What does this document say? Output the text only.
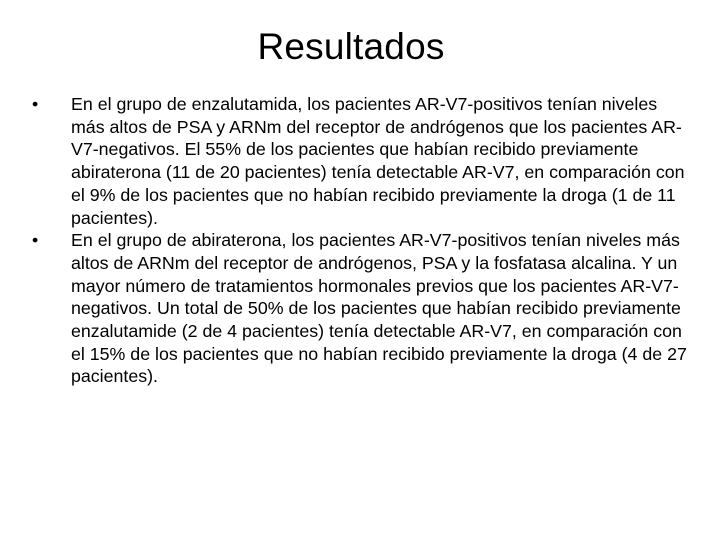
Resultados
•	En el grupo de enzalutamida, los pacientes AR-V7-positivos tenían niveles más altos de PSA y ARNm del receptor de andrógenos que los pacientes AR-V7-negativos. El 55% de los pacientes que habían recibido previamente abiraterona (11 de 20 pacientes) tenía detectable AR-V7, en comparación con el 9% de los pacientes que no habían recibido previamente la droga (1 de 11 pacientes).
•	En el grupo de abiraterona, los pacientes AR-V7-positivos tenían niveles más altos de ARNm del receptor de andrógenos, PSA y la fosfatasa alcalina. Y un mayor número de tratamientos hormonales previos que los pacientes AR-V7-negativos. Un total de 50% de los pacientes que habían recibido previamente enzalutamide (2 de 4 pacientes) tenía detectable AR-V7, en comparación con el 15% de los pacientes que no habían recibido previamente la droga (4 de 27 pacientes).
